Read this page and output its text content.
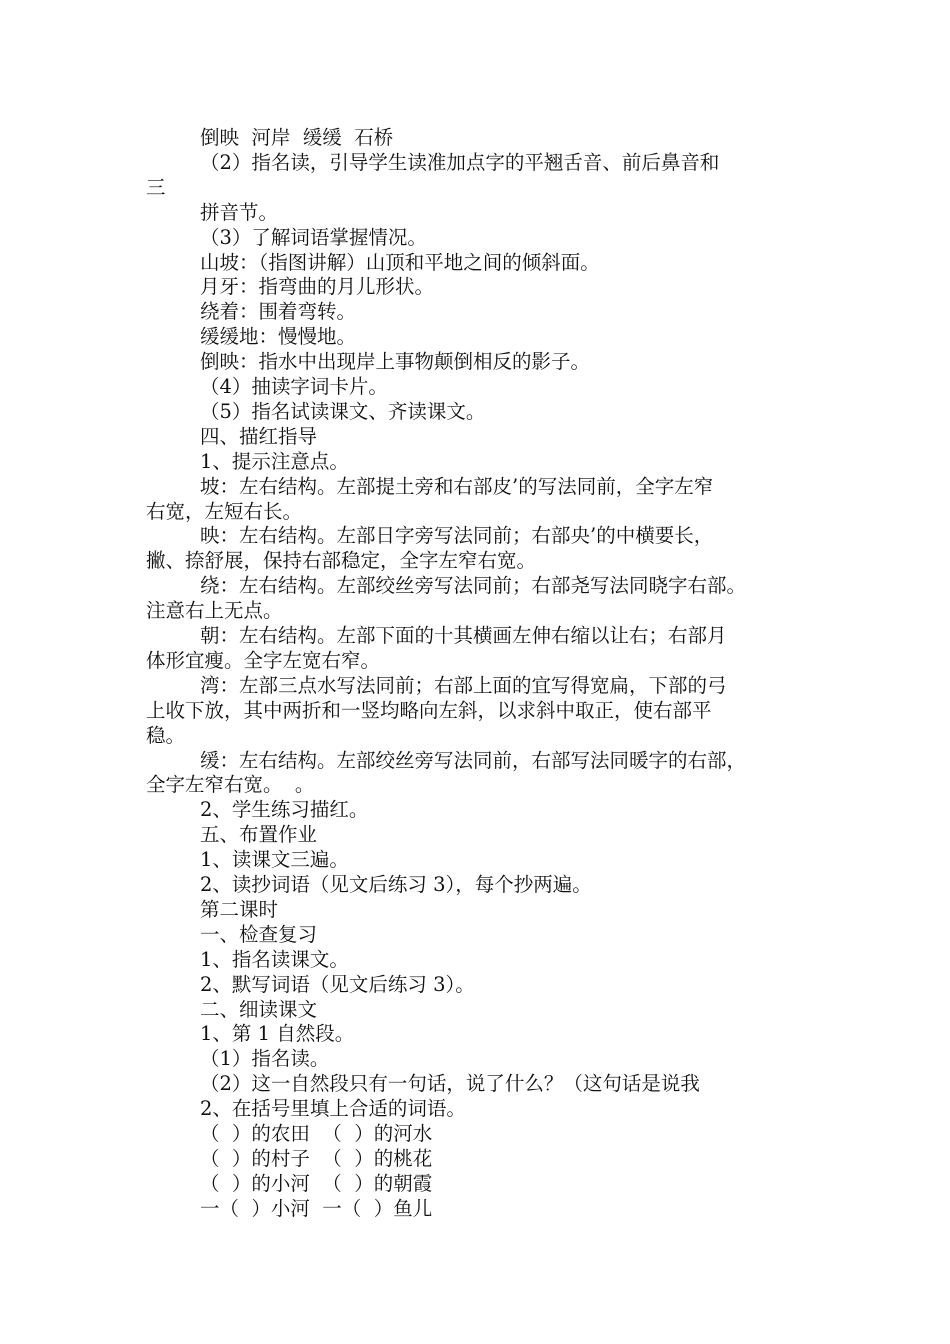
倒映  河岸  缓缓  石桥
（2）指名读，引导学生读准加点字的平翘舌音、前后鼻音和
三
拼音节。
（3）了解词语掌握情况。
山坡：（指图讲解）山顶和平地之间的倾斜面。
月牙：指弯曲的月儿形状。
绕着：围着弯转。
缓缓地：慢慢地。
倒映：指水中出现岸上事物颠倒相反的影子。
（4）抽读字词卡片。
（5）指名试读课文、齐读课文。
四、描红指导
1、提示注意点。
坡：左右结构。左部提土旁和右部皮’的写法同前，全字左窄
右宽，左短右长。
映：左右结构。左部日字旁写法同前；右部央’的中横要长，
撇、捺舒展，保持右部稳定，全字左窄右宽。
绕：左右结构。左部绞丝旁写法同前；右部尧写法同晓字右部。
注意右上无点。
朝：左右结构。左部下面的十其横画左伸右缩以让右；右部月
体形宜瘦。全字左宽右窄。
湾：左部三点水写法同前；右部上面的宜写得宽扁，下部的弓
上收下放，其中两折和一竖均略向左斜，以求斜中取正，使右部平
稳。
缓：左右结构。左部绞丝旁写法同前，右部写法同暖字的右部，
全字左窄右宽。  。
2、学生练习描红。
五、布置作业
1、读课文三遍。
2、读抄词语（见文后练习 3），每个抄两遍。
第二课时
一、检查复习
1、指名读课文。
2、默写词语（见文后练习 3）。
二、细读课文
1、第 1 自然段。
（1）指名读。
（2）这一自然段只有一句话，说了什么？（这句话是说我
2、在括号里填上合适的词语。
（  ）的农田  （  ）的河水
（  ）的村子  （  ）的桃花
（  ）的小河  （  ）的朝霞
一（  ）小河  一（  ）鱼儿
